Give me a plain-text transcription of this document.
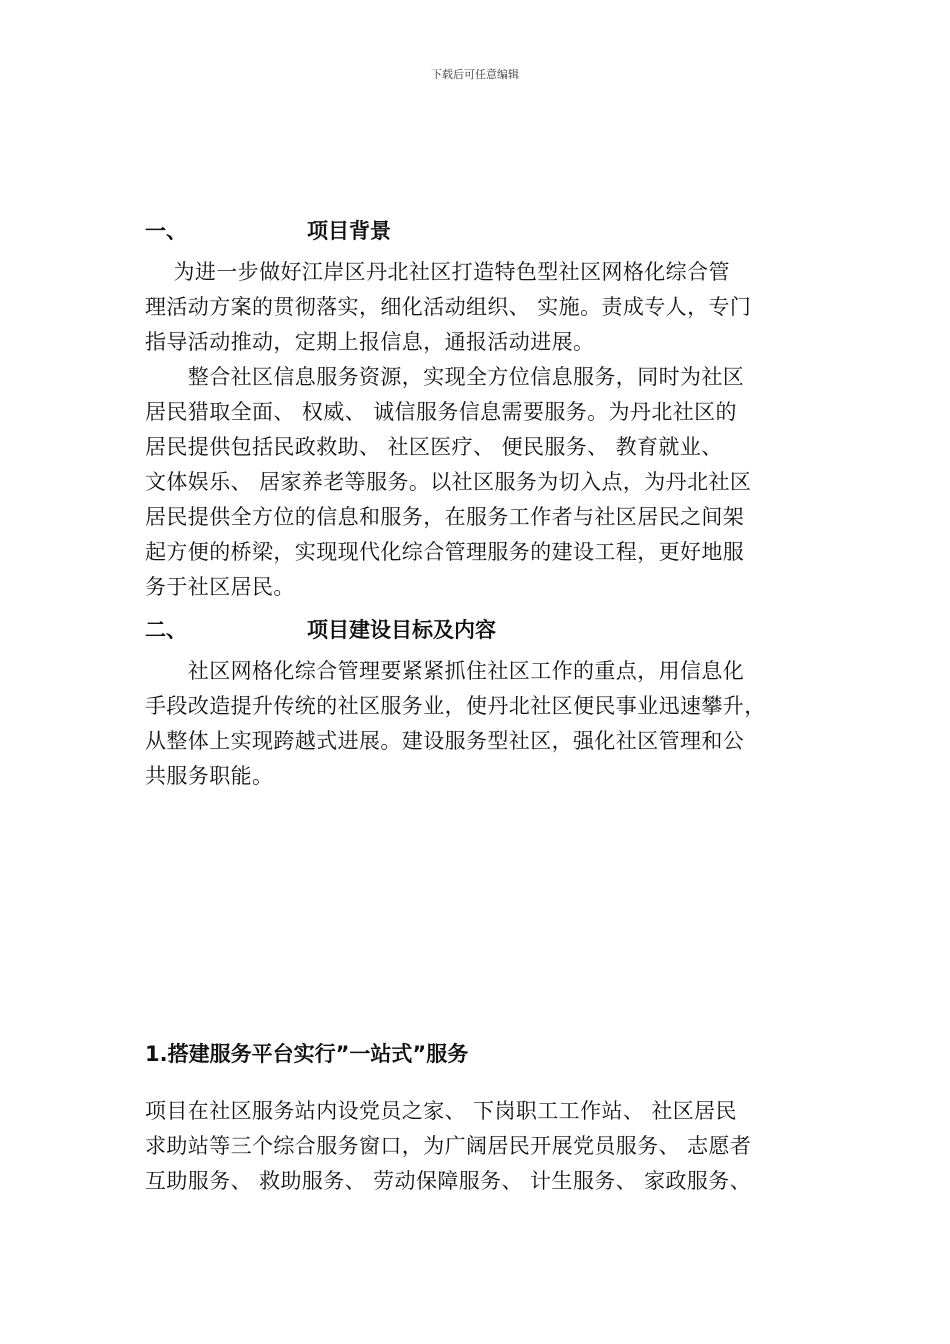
下载后可任意编辑
一、	项目背景
　 为进一步做好江岸区丹北社区打造特色型社区网格化综合管
理活动方案的贯彻落实，细化活动组织、 实施。责成专人，专门
指导活动推动，定期上报信息，通报活动进展。
　　整合社区信息服务资源，实现全方位信息服务，同时为社区
居民猎取全面、 权威、 诚信服务信息需要服务。为丹北社区的
居民提供包括民政救助、 社区医疗、 便民服务、 教育就业、
文体娱乐、 居家养老等服务。以社区服务为切入点，为丹北社区
居民提供全方位的信息和服务，在服务工作者与社区居民之间架
起方便的桥梁，实现现代化综合管理服务的建设工程，更好地服
务于社区居民。
二、	项目建设目标及内容
　　社区网格化综合管理要紧紧抓住社区工作的重点，用信息化
手段改造提升传统的社区服务业，使丹北社区便民事业迅速攀升，
从整体上实现跨越式进展。建设服务型社区，强化社区管理和公
共服务职能。
1.搭建服务平台实行”一站式”服务
项目在社区服务站内设党员之家、 下岗职工工作站、 社区居民
求助站等三个综合服务窗口，为广阔居民开展党员服务、 志愿者
互助服务、 救助服务、 劳动保障服务、 计生服务、 家政服务、
